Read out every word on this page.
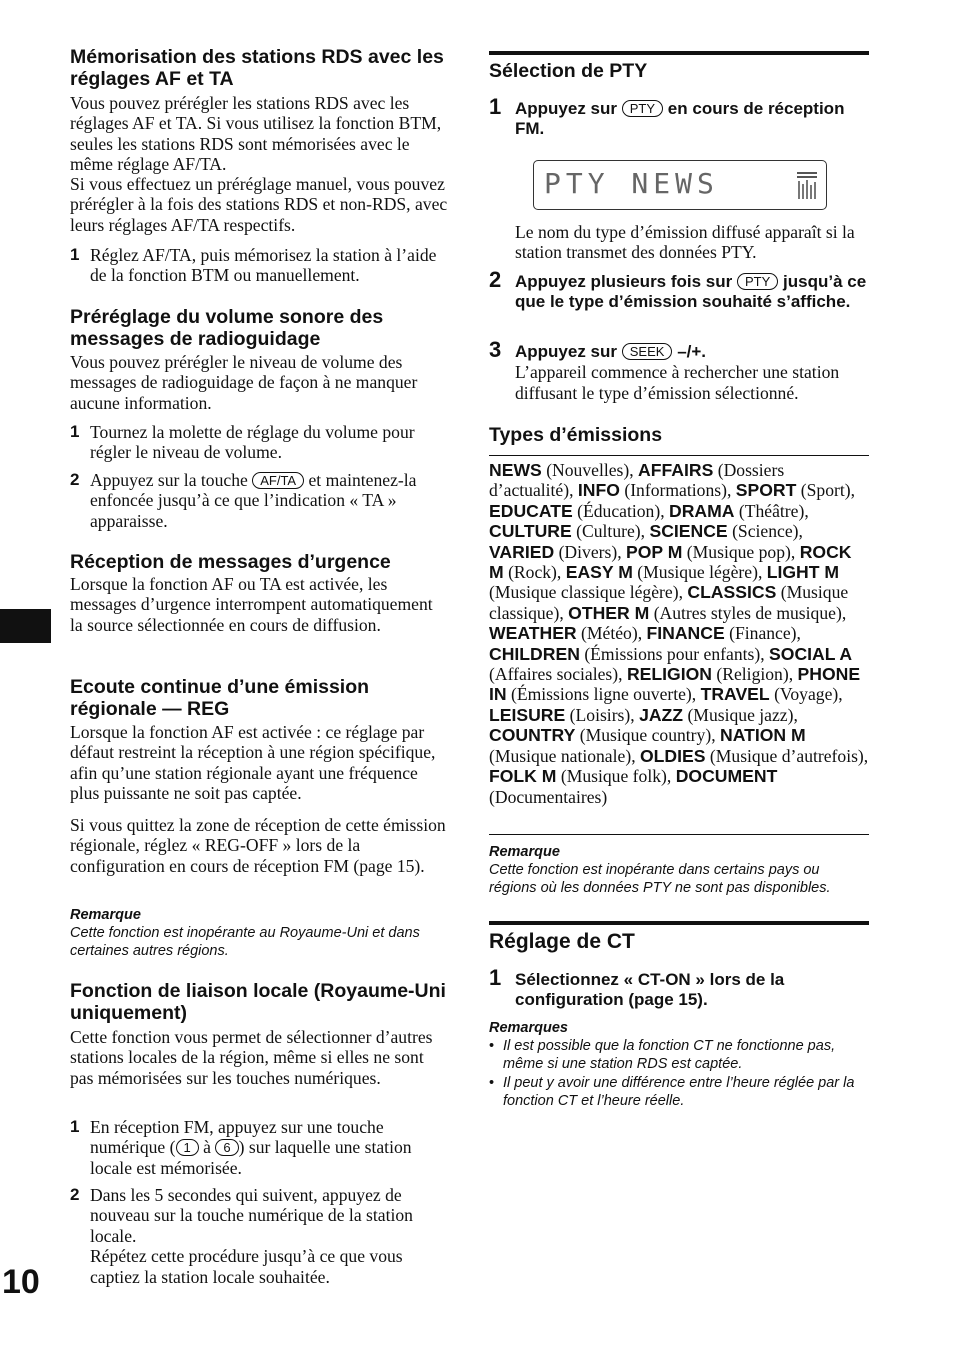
Mémorisation des stations RDS avec les réglages AF et TA

Vous pouvez prérégler les stations RDS avec les réglages AF et TA. Si vous utilisez la fonction BTM, seules les stations RDS sont mémorisées avec le même réglage AF/TA.

Si vous effectuez un préréglage manuel, vous pouvez prérégler à la fois des stations RDS et non-RDS, avec leurs réglages AF/TA respectifs.

1 Réglez AF/TA, puis mémorisez la station à l’aide de la fonction BTM ou manuellement.
Préréglage du volume sonore des messages de radioguidage

Vous pouvez prérégler le niveau de volume des messages de radioguidage de façon à ne manquer aucune information.

1 Tournez la molette de réglage du volume pour régler le niveau de volume.
2 Appuyez sur la touche AF/TA et maintenez-la enfoncée jusqu’à ce que l’indication « TA » apparaisse.
Réception de messages d’urgence

Lorsque la fonction AF ou TA est activée, les messages d’urgence interrompent automatiquement la source sélectionnée en cours de diffusion.

Ecoute continue d’une émission régionale — REG

Lorsque la fonction AF est activée : ce réglage par défaut restreint la réception à une région spécifique, afin qu’une station régionale ayant une fréquence plus puissante ne soit pas captée.

Si vous quittez la zone de réception de cette émission régionale, réglez « REG-OFF » lors de la configuration en cours de réception FM (page 15).

Remarque

Cette fonction est inopérante au Royaume-Uni et dans certaines autres régions.

Fonction de liaison locale (Royaume-Uni uniquement)

Cette fonction vous permet de sélectionner d’autres stations locales de la région, même si elles ne sont pas mémorisées sur les touches numériques.

1 En réception FM, appuyez sur une touche numérique ( 1 à 6 ) sur laquelle une station locale est mémorisée.
2 Dans les 5 secondes qui suivent, appuyez de nouveau sur la touche numérique de la station locale.
Répétez cette procédure jusqu’à ce que vous captiez la station locale souhaitée.
Sélection de PTY
1 Appuyez sur PTY en cours de réception FM.
PTY NEWS
Le nom du type d’émission diffusé apparaît si la station transmet des données PTY.
2 Appuyez plusieurs fois sur PTY jusqu’à ce que le type d’émission souhaité s’affiche.
3 Appuyez sur SEEK –/+.
L’appareil commence à rechercher une station diffusant le type d’émission sélectionné.
Types d’émissions

NEWS (Nouvelles), AFFAIRS (Dossiers d’actualité), INFO (Informations), SPORT (Sport), EDUCATE (Éducation), DRAMA (Théâtre), CULTURE (Culture), SCIENCE (Science), VARIED (Divers), POP M (Musique pop), ROCK M (Rock), EASY M (Musique légère), LIGHT M (Musique classique légère), CLASSICS (Musique classique), OTHER M (Autres styles de musique), WEATHER (Météo), FINANCE (Finance), CHILDREN (Émissions pour enfants), SOCIAL A (Affaires sociales), RELIGION (Religion), PHONE IN (Émissions ligne ouverte), TRAVEL (Voyage), LEISURE (Loisirs), JAZZ (Musique jazz), COUNTRY (Musique country), NATION M (Musique nationale), OLDIES (Musique d’autrefois), FOLK M (Musique folk), DOCUMENT (Documentaires)

Remarque

Cette fonction est inopérante dans certains pays ou régions où les données PTY ne sont pas disponibles.

Réglage de CT
1 Sélectionnez « CT-ON » lors de la configuration (page 15).
Remarques
• Il est possible que la fonction CT ne fonctionne pas, même si une station RDS est captée.
• Il peut y avoir une différence entre l’heure réglée par la fonction CT et l’heure réelle.
10
